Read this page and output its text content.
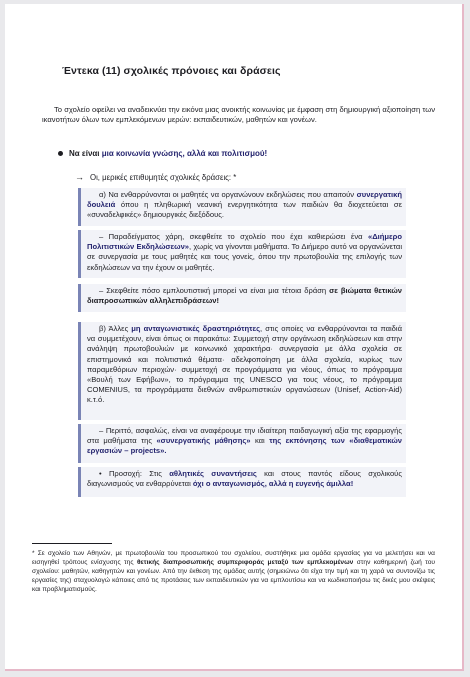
Έντεκα (11) σχολικές πρόνοιες και δράσεις
Το σχολείο οφείλει να αναδεικνύει την εικόνα μιας ανοικτής κοινωνίας με έμφαση στη δημιουργική αξιοποίηση των ικανοτήτων όλων των εμπλεκόμενων μερών: εκπαιδευτικών, μαθητών και γονέων.
Να είναι μια κοινωνία γνώσης, αλλά και πολιτισμού!
→ Οι, μερικές επιθυμητές σχολικές δράσεις: *
α) Να ενθαρρύνονται οι μαθητές να οργανώνουν εκδηλώσεις που απαιτούν συνεργατική δουλειά όπου η πληθωρική νεανική ενεργητικότητα των παιδιών θα διοχετεύεται σε «συναδελφικές» δημιουργικές διεξόδους.
– Παραδείγματος χάρη, σκεφθείτε το σχολείο που έχει καθιερώσει ένα «Διήμερο Πολιτιστικών Εκδηλώσεων», χωρίς να γίνονται μαθήματα. Το Διήμερο αυτό να οργανώνεται σε συνεργασία με τους μαθητές και τους γονείς, όπου την πρωτοβουλία της επιλογής των εκδηλώσεων να την έχουν οι μαθητές.
– Σκεφθείτε πόσο εμπλουτιστική μπορεί να είναι μια τέτοια δράση σε βιώματα θετικών διαπροσωπικών αλληλεπιδράσεων!
β) Άλλες μη ανταγωνιστικές δραστηριότητες, στις οποίες να ενθαρρύνονται τα παιδιά να συμμετέχουν, είναι όπως οι παρακάτω: Συμμετοχή στην οργάνωση εκδηλώσεων και στην ανάληψη πρωτοβουλιών με κοινωνικό χαρακτήρα· συνεργασία με άλλα σχολεία σε επιστημονικά και πολιτιστικά θέματα· αδελφοποίηση με άλλα σχολεία, κυρίως των παραμεθόριων περιοχών· συμμετοχή σε προγράμματα για νέους, όπως το πρόγραμμα «Βουλή των Εφήβων», το πρόγραμμα της UNESCO για τους νέους, το πρόγραμμα COMENIUS, τα προγράμματα διεθνών ανθρωπιστικών οργανώσεων (Unisef, Action-Aid) κ.τ.ό.
– Περιττό, ασφαλώς, είναι να αναφέρουμε την ιδιαίτερη παιδαγωγική αξία της εφαρμογής στα μαθήματα της «συνεργατικής μάθησης» και της εκπόνησης των «διαθεματικών εργασιών – projects».
• Προσοχή: Στις αθλητικές συναντήσεις και στους παντός είδους σχολικούς διαγωνισμούς να ενθαρρύνεται όχι ο ανταγωνισμός, αλλά η ευγενής άμιλλα!
* Σε σχολείο των Αθηνών, με πρωτοβουλία του προσωπικού του σχολείου, συστήθηκε μια ομάδα εργασίας για να μελετήσει και να εισηγηθεί τρόπους ενίσχυσης της θετικής διαπροσωπικής συμπεριφοράς μεταξύ των εμπλεκομένων στην καθημερινή ζωή του σχολείου: μαθητών, καθηγητών και γονέων. Από την έκθεση της ομάδας αυτής (σημειώνω ότι είχα την τιμή και τη χαρά να συντονίζω τις εργασίες της) σταχυολογώ κάποιες από τις προτάσεις των εκπαιδευτικών για να εμπλουτίσω και να κωδικοποιήσω τις δικές μου σκέψεις και προβληματισμούς.
